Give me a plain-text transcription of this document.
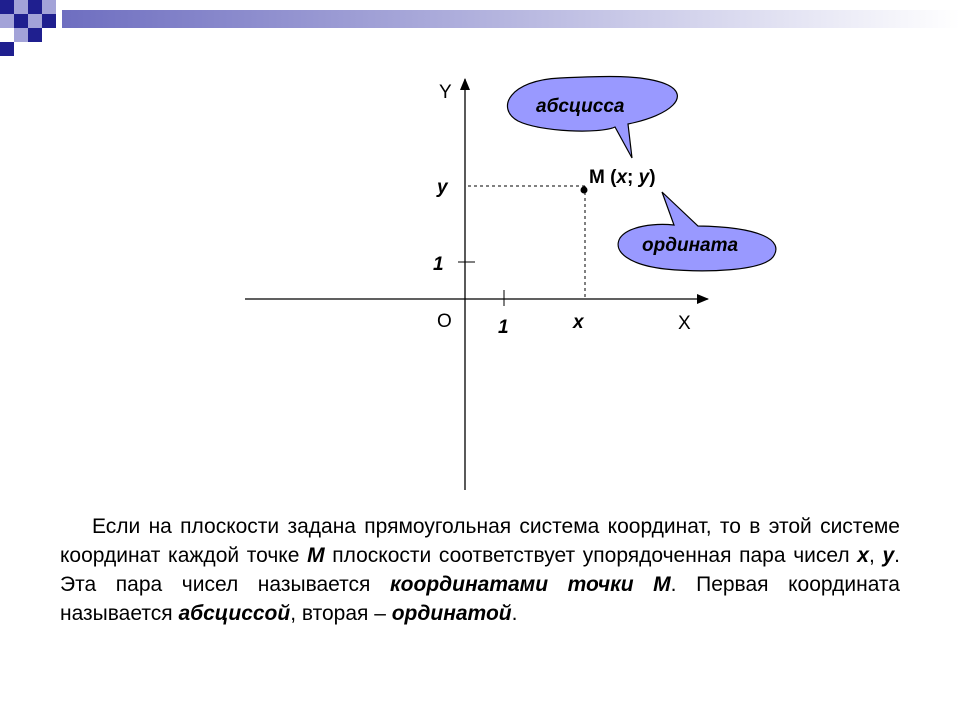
Y
X
O
1
1
y
x
M (x; y)
абсцисса
ордината

Если на плоскости задана прямоугольная система координат, то в этой системе координат каждой точке М плоскости соответствует упорядоченная пара чисел х, у. Эта пара чисел называется координатами точки М. Первая координата называется абсциссой, вторая – ординатой.
